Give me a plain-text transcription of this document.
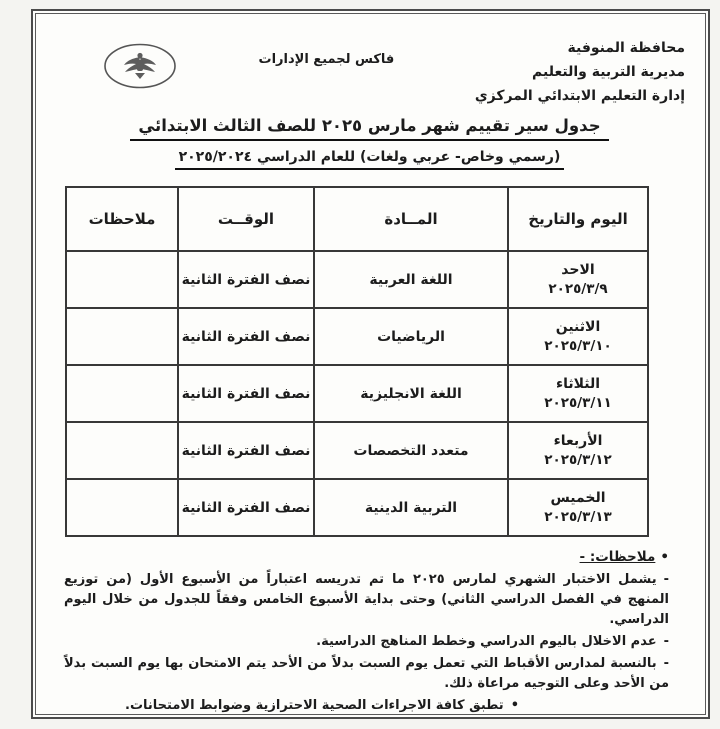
محافظة المنوفية
مديرية التربية والتعليم
إدارة التعليم الابتدائي المركزي
فاكس لجميع الإدارات
جدول سير تقييم شهر مارس ٢٠٢٥ للصف الثالث الابتدائي
(رسمي وخاص- عربي ولغات) للعام الدراسي ٢٠٢٥/٢٠٢٤
اليوم والتاريخ	المــادة	الوقــت	ملاحظات

الاحد
٢٠٢٥/٣/٩	اللغة العربية	نصف الفترة الثانية	

الاثنين
٢٠٢٥/٣/١٠	الرياضيات	نصف الفترة الثانية	

الثلاثاء
٢٠٢٥/٣/١١	اللغة الانجليزية	نصف الفترة الثانية	

الأربعاء
٢٠٢٥/٣/١٢	متعدد التخصصات	نصف الفترة الثانية	

الخميس
٢٠٢٥/٣/١٣	التربية الدينية	نصف الفترة الثانية	
•ملاحظات: -
-يشمل الاختبار الشهري لمارس ٢٠٢٥ ما تم تدريسه اعتباراً من الأسبوع الأول (من توزيع المنهج في الفصل الدراسي الثاني) وحتى بداية الأسبوع الخامس وفقاً للجدول من خلال اليوم الدراسي.
-عدم الاخلال باليوم الدراسي وخطط المناهج الدراسية.
-بالنسبة لمدارس الأقباط التي تعمل يوم السبت بدلاً من الأحد يتم الامتحان بها يوم السبت بدلاً من الأحد وعلى التوجيه مراعاة ذلك.
•تطبق كافة الاجراءات الصحية الاحترازية وضوابط الامتحانات.
